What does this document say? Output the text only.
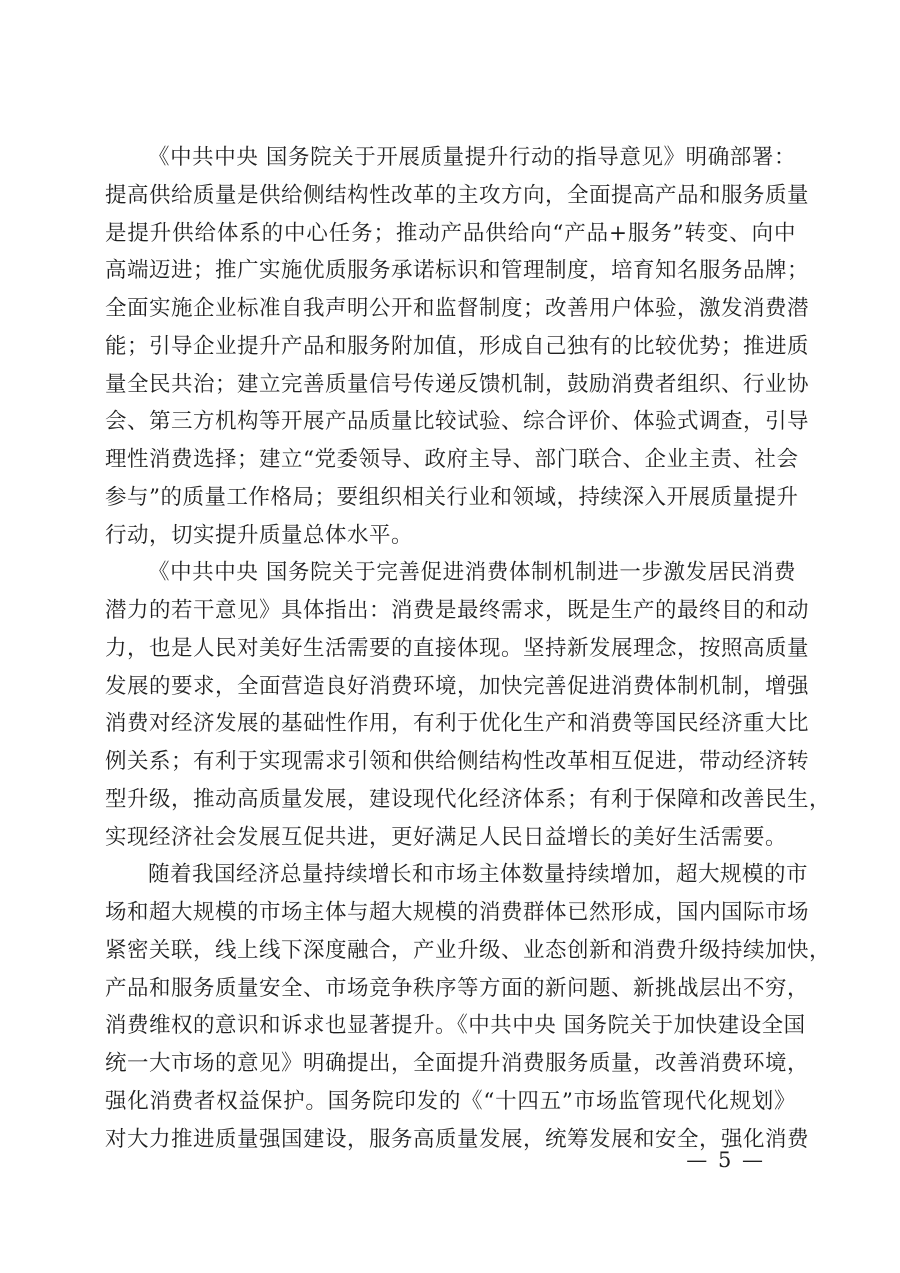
《中共中央 国务院关于开展质量提升行动的指导意见》明确部署：
提高供给质量是供给侧结构性改革的主攻方向，全面提高产品和服务质量
是提升供给体系的中心任务；推动产品供给向“产品+服务”转变、向中
高端迈进；推广实施优质服务承诺标识和管理制度，培育知名服务品牌；
全面实施企业标准自我声明公开和监督制度；改善用户体验，激发消费潜
能；引导企业提升产品和服务附加值，形成自己独有的比较优势；推进质
量全民共治；建立完善质量信号传递反馈机制，鼓励消费者组织、行业协
会、第三方机构等开展产品质量比较试验、综合评价、体验式调查，引导
理性消费选择；建立“党委领导、政府主导、部门联合、企业主责、社会
参与”的质量工作格局；要组织相关行业和领域，持续深入开展质量提升
行动，切实提升质量总体水平。
《中共中央 国务院关于完善促进消费体制机制进一步激发居民消费
潜力的若干意见》具体指出：消费是最终需求，既是生产的最终目的和动
力，也是人民对美好生活需要的直接体现。坚持新发展理念，按照高质量
发展的要求，全面营造良好消费环境，加快完善促进消费体制机制，增强
消费对经济发展的基础性作用，有利于优化生产和消费等国民经济重大比
例关系；有利于实现需求引领和供给侧结构性改革相互促进，带动经济转
型升级，推动高质量发展，建设现代化经济体系；有利于保障和改善民生，
实现经济社会发展互促共进，更好满足人民日益增长的美好生活需要。
随着我国经济总量持续增长和市场主体数量持续增加，超大规模的市
场和超大规模的市场主体与超大规模的消费群体已然形成，国内国际市场
紧密关联，线上线下深度融合，产业升级、业态创新和消费升级持续加快，
产品和服务质量安全、市场竞争秩序等方面的新问题、新挑战层出不穷，
消费维权的意识和诉求也显著提升。《中共中央 国务院关于加快建设全国
统一大市场的意见》明确提出，全面提升消费服务质量，改善消费环境，
强化消费者权益保护。国务院印发的《“十四五”市场监管现代化规划》
对大力推进质量强国建设，服务高质量发展，统筹发展和安全，强化消费
— 5 —
